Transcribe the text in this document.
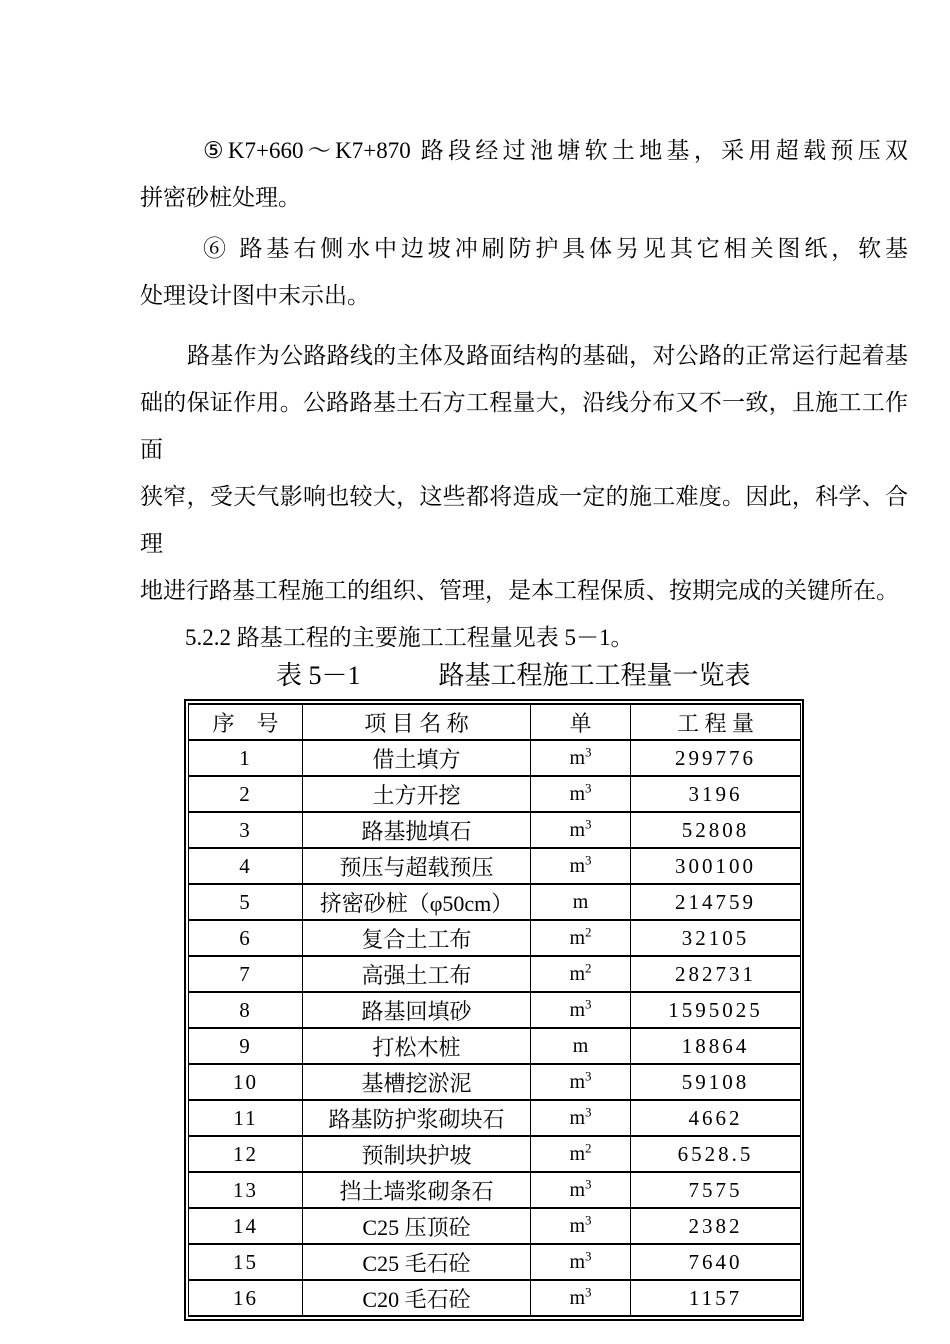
⑤K7+660～K7+870 路段经过池塘软土地基，采用超载预压双
拼密砂桩处理。
⑥ 路基右侧水中边坡冲刷防护具体另见其它相关图纸，软基
处理设计图中末示出。
路基作为公路路线的主体及路面结构的基础，对公路的正常运行起着基
础的保证作用。公路路基土石方工程量大，沿线分布又不一致，且施工工作面
狭窄，受天气影响也较大，这些都将造成一定的施工难度。因此，科学、合理
地进行路基工程施工的组织、管理，是本工程保质、按期完成的关键所在。
5.2.2 路基工程的主要施工工程量见表 5－1。
表 5－1	路基工程施工工程量一览表
序　号	项 目 名 称	单	工 程 量
1	借土填方	$m^3$	299776
2	土方开挖	$m^3$	3196
3	路基抛填石	$m^3$	52808
4	预压与超载预压	$m^3$	300100
5	挤密砂桩（φ50cm）	m	214759
6	复合土工布	$m^2$	32105
7	高强土工布	$m^2$	282731
8	路基回填砂	$m^3$	1595025
9	打松木桩	m	18864
10	基槽挖淤泥	$m^3$	59108
11	路基防护浆砌块石	$m^3$	4662
12	预制块护坡	$m^2$	6528.5
13	挡土墙浆砌条石	$m^3$	7575
14	C25 压顶砼	$m^3$	2382
15	C25 毛石砼	$m^3$	7640
16	C20 毛石砼	$m^3$	1157
